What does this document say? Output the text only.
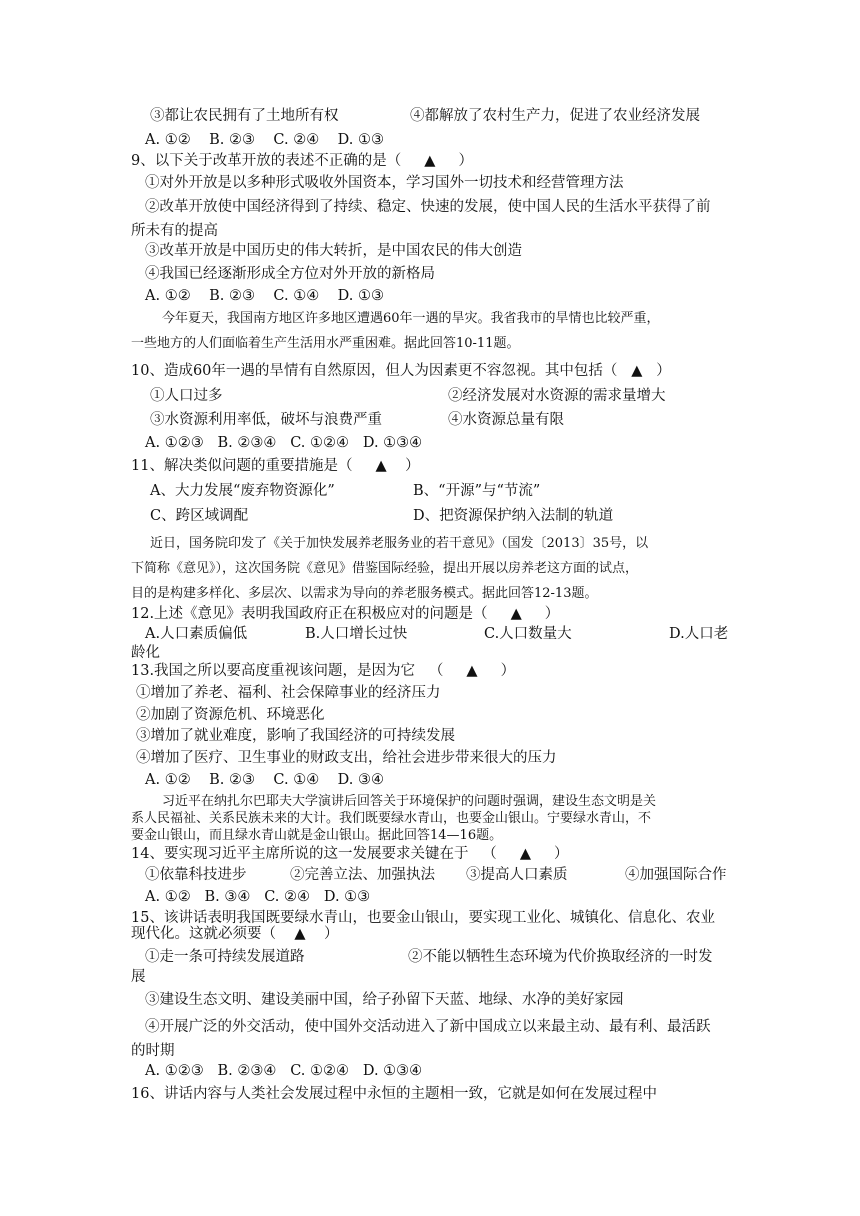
③都让农民拥有了土地所有权	④都解放了农村生产力，促进了农业经济发展
A. ①②    B. ②③    C. ②④    D. ①③
9、以下关于改革开放的表述不正确的是（     ▲     ）
①对外开放是以多种形式吸收外国资本，学习国外一切技术和经营管理方法
②改革开放使中国经济得到了持续、稳定、快速的发展，使中国人民的生活水平获得了前
所未有的提高
③改革开放是中国历史的伟大转折，是中国农民的伟大创造
④我国已经逐渐形成全方位对外开放的新格局
A. ①②    B. ②③    C. ①④    D. ①③
今年夏天，我国南方地区许多地区遭遇60年一遇的旱灾。我省我市的旱情也比较严重，
一些地方的人们面临着生产生活用水严重困难。据此回答10-11题。
10、造成60年一遇的旱情有自然原因，但人为因素更不容忽视。其中包括（   ▲   ）
①人口过多	②经济发展对水资源的需求量增大
③水资源利用率低，破坏与浪费严重	④水资源总量有限
A. ①②③   B. ②③④   C. ①②④   D. ①③④
11、解决类似问题的重要措施是（     ▲    ）
A、大力发展“废弃物资源化”	B、“开源”与“节流”
C、跨区域调配	D、把资源保护纳入法制的轨道
近日，国务院印发了《关于加快发展养老服务业的若干意见》（国发〔2013〕35号，以
下简称《意见》），这次国务院《意见》借鉴国际经验，提出开展以房养老这方面的试点，
目的是构建多样化、多层次、以需求为导向的养老服务模式。据此回答12-13题。
12.上述《意见》表明我国政府正在积极应对的问题是（     ▲     ）
A.人口素质偏低	B.人口增长过快	C.人口数量大	D.人口老
龄化
13.我国之所以要高度重视该问题，是因为它   （     ▲     ）
①增加了养老、福利、社会保障事业的经济压力
②加剧了资源危机、环境恶化
③增加了就业难度，影响了我国经济的可持续发展
④增加了医疗、卫生事业的财政支出，给社会进步带来很大的压力
A. ①②    B. ②③    C. ①④    D. ③④
习近平在纳扎尔巴耶夫大学演讲后回答关于环境保护的问题时强调，建设生态文明是关
系人民福祉、关系民族未来的大计。我们既要绿水青山，也要金山银山。宁要绿水青山，不
要金山银山，而且绿水青山就是金山银山。据此回答14—16题。
14、要实现习近平主席所说的这一发展要求关键在于   （     ▲     ）
①依靠科技进步	②完善立法、加强执法 ③提高人口素质	④加强国际合作
A. ①②   B. ③④   C. ②④   D. ①③
15、该讲话表明我国既要绿水青山，也要金山银山，要实现工业化、城镇化、信息化、农业
现代化。这就必须要（    ▲    ）
①走一条可持续发展道路	②不能以牺牲生态环境为代价换取经济的一时发
展
③建设生态文明、建设美丽中国，给子孙留下天蓝、地绿、水净的美好家园
④开展广泛的外交活动，使中国外交活动进入了新中国成立以来最主动、最有利、最活跃
的时期
A. ①②③   B. ②③④   C. ①②④   D. ①③④
16、讲话内容与人类社会发展过程中永恒的主题相一致，它就是如何在发展过程中
